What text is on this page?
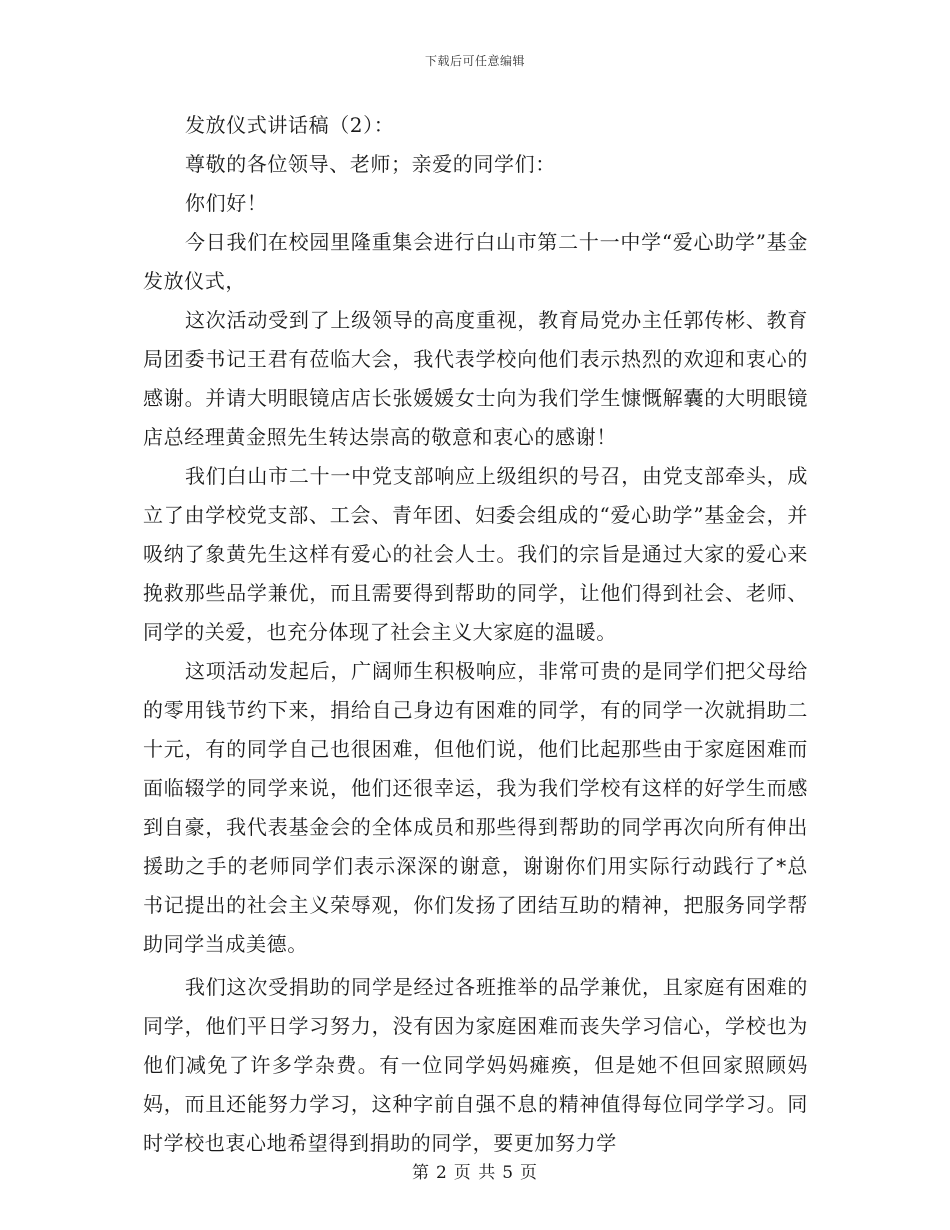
下载后可任意编辑

发放仪式讲话稿（2）：

尊敬的各位领导、老师；亲爱的同学们：

你们好！

今日我们在校园里隆重集会进行白山市第二十一中学“爱心助学”基金发放仪式，

这次活动受到了上级领导的高度重视，教育局党办主任郭传彬、教育局团委书记王君有莅临大会，我代表学校向他们表示热烈的欢迎和衷心的感谢。并请大明眼镜店店长张媛媛女士向为我们学生慷慨解囊的大明眼镜店总经理黄金照先生转达崇高的敬意和衷心的感谢！

我们白山市二十一中党支部响应上级组织的号召，由党支部牵头，成立了由学校党支部、工会、青年团、妇委会组成的“爱心助学”基金会，并吸纳了象黄先生这样有爱心的社会人士。我们的宗旨是通过大家的爱心来挽救那些品学兼优，而且需要得到帮助的同学，让他们得到社会、老师、同学的关爱，也充分体现了社会主义大家庭的温暖。

这项活动发起后，广阔师生积极响应，非常可贵的是同学们把父母给的零用钱节约下来，捐给自己身边有困难的同学，有的同学一次就捐助二十元，有的同学自己也很困难，但他们说，他们比起那些由于家庭困难而面临辍学的同学来说，他们还很幸运，我为我们学校有这样的好学生而感到自豪，我代表基金会的全体成员和那些得到帮助的同学再次向所有伸出援助之手的老师同学们表示深深的谢意，谢谢你们用实际行动践行了*总书记提出的社会主义荣辱观，你们发扬了团结互助的精神，把服务同学帮助同学当成美德。

我们这次受捐助的同学是经过各班推举的品学兼优，且家庭有困难的同学，他们平日学习努力，没有因为家庭困难而丧失学习信心，学校也为他们减免了许多学杂费。有一位同学妈妈瘫痪，但是她不但回家照顾妈妈，而且还能努力学习，这种字前自强不息的精神值得每位同学学习。同时学校也衷心地希望得到捐助的同学，要更加努力学

第 2 页 共 5 页
